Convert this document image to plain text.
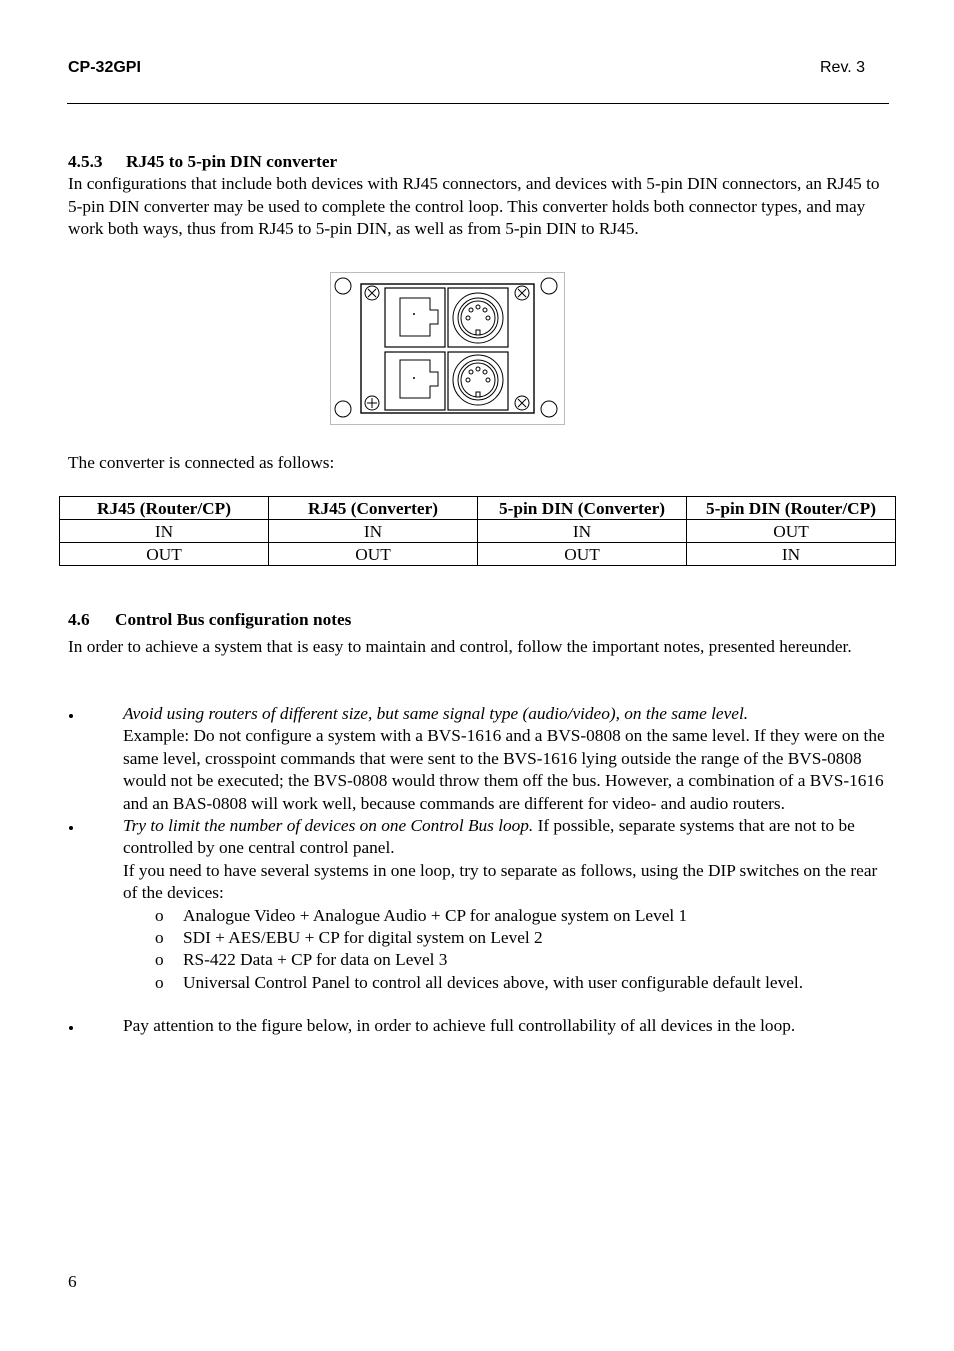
CP-32GPI	Rev. 3
4.5.3 RJ45 to 5-pin DIN converter

In configurations that include both devices with RJ45 connectors, and devices with 5-pin DIN connectors, an RJ45 to 5-pin DIN converter may be used to complete the control loop. This converter holds both connector types, and may work both ways, thus from RJ45 to 5-pin DIN, as well as from 5-pin DIN to RJ45.

The converter is connected as follows:
RJ45 (Router/CP)	RJ45 (Converter)	5-pin DIN (Converter)	5-pin DIN (Router/CP)
IN	IN	IN	OUT
OUT	OUT	OUT	IN
4.6 Control Bus configuration notes

In order to achieve a system that is easy to maintain and control, follow the important notes, presented hereunder.

Avoid using routers of different size, but same signal type (audio/video), on the same level.

Example: Do not configure a system with a BVS-1616 and a BVS-0808 on the same level. If they were on the same level, crosspoint commands that were sent to the BVS-1616 lying outside the range of the BVS-0808 would not be executed; the BVS-0808 would throw them off the bus. However, a combination of a BVS-1616 and an BAS-0808 will work well, because commands are different for video- and audio routers.

Try to limit the number of devices on one Control Bus loop. If possible, separate systems that are not to be controlled by one central control panel.

If you need to have several systems in one loop, try to separate as follows, using the DIP switches on the rear of the devices:

o Analogue Video + Analogue Audio + CP for analogue system on Level 1
o SDI + AES/EBU + CP for digital system on Level 2
o RS-422 Data + CP for data on Level 3
o Universal Control Panel to control all devices above, with user configurable default level.

Pay attention to the figure below, in order to achieve full controllability of all devices in the loop.

6
